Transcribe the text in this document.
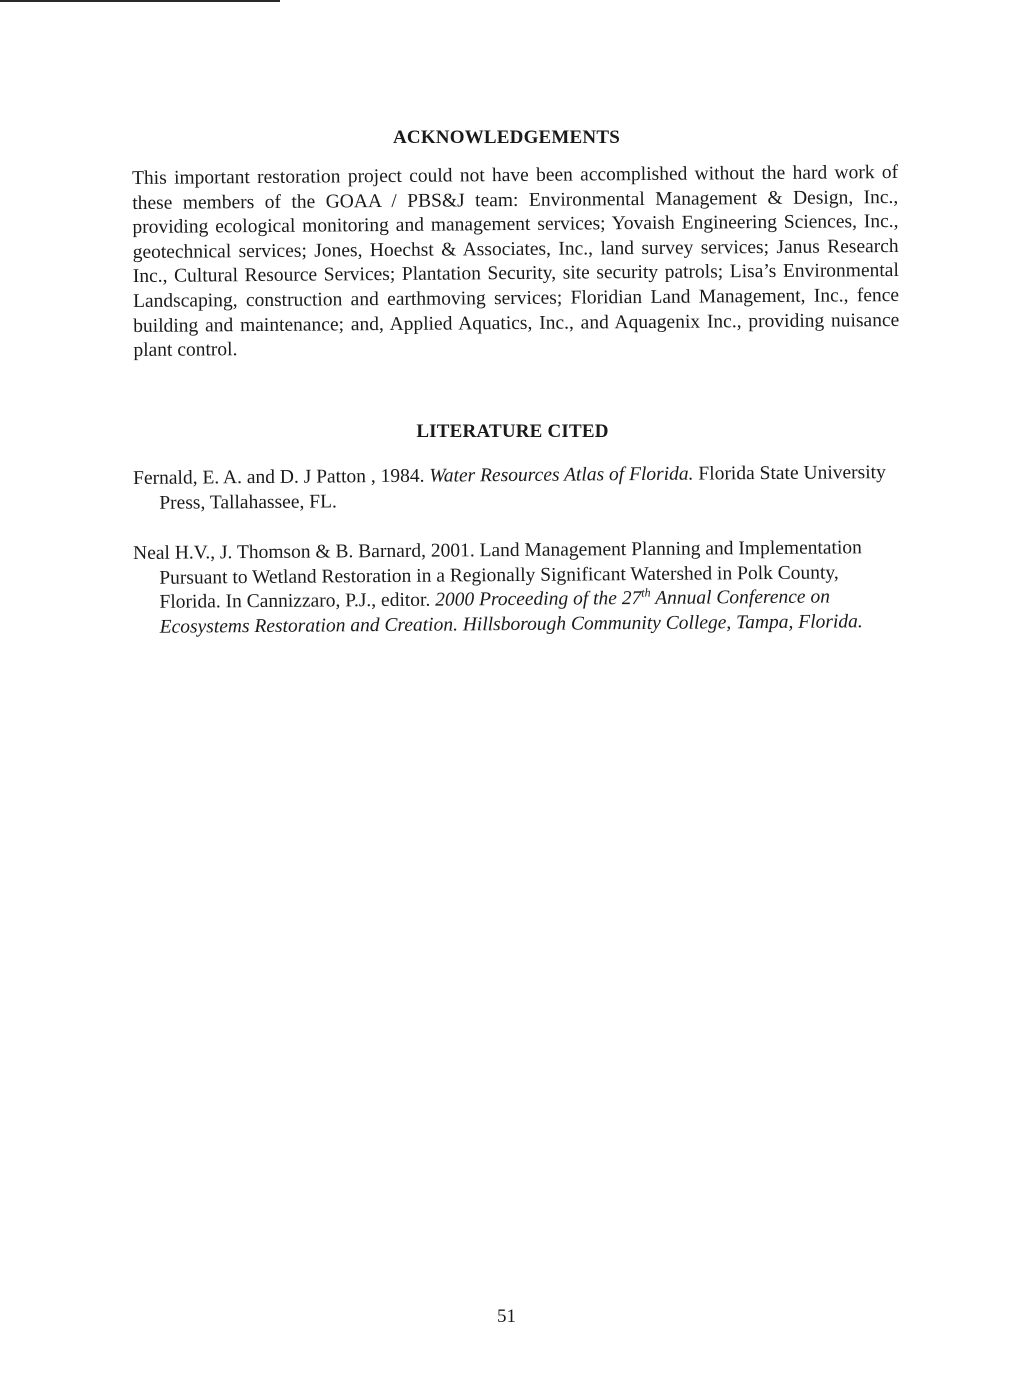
ACKNOWLEDGEMENTS
This important restoration project could not have been accomplished without the hard work of these members of the GOAA / PBS&J team: Environmental Management & Design, Inc., providing ecological monitoring and management services; Yovaish Engineering Sciences, Inc., geotechnical services; Jones, Hoechst & Associates, Inc., land survey services; Janus Research Inc., Cultural Resource Services; Plantation Security, site security patrols; Lisa’s Environmental Landscaping, construction and earthmoving services; Floridian Land Management, Inc., fence building and maintenance; and, Applied Aquatics, Inc., and Aquagenix Inc., providing nuisance plant control.
LITERATURE CITED
Fernald, E. A. and D. J Patton , 1984. Water Resources Atlas of Florida. Florida State University Press, Tallahassee, FL.
Neal H.V., J. Thomson & B. Barnard, 2001. Land Management Planning and Implementation Pursuant to Wetland Restoration in a Regionally Significant Watershed in Polk County, Florida. In Cannizzaro, P.J., editor. 2000 Proceeding of the 27th Annual Conference on Ecosystems Restoration and Creation. Hillsborough Community College, Tampa, Florida.
51
